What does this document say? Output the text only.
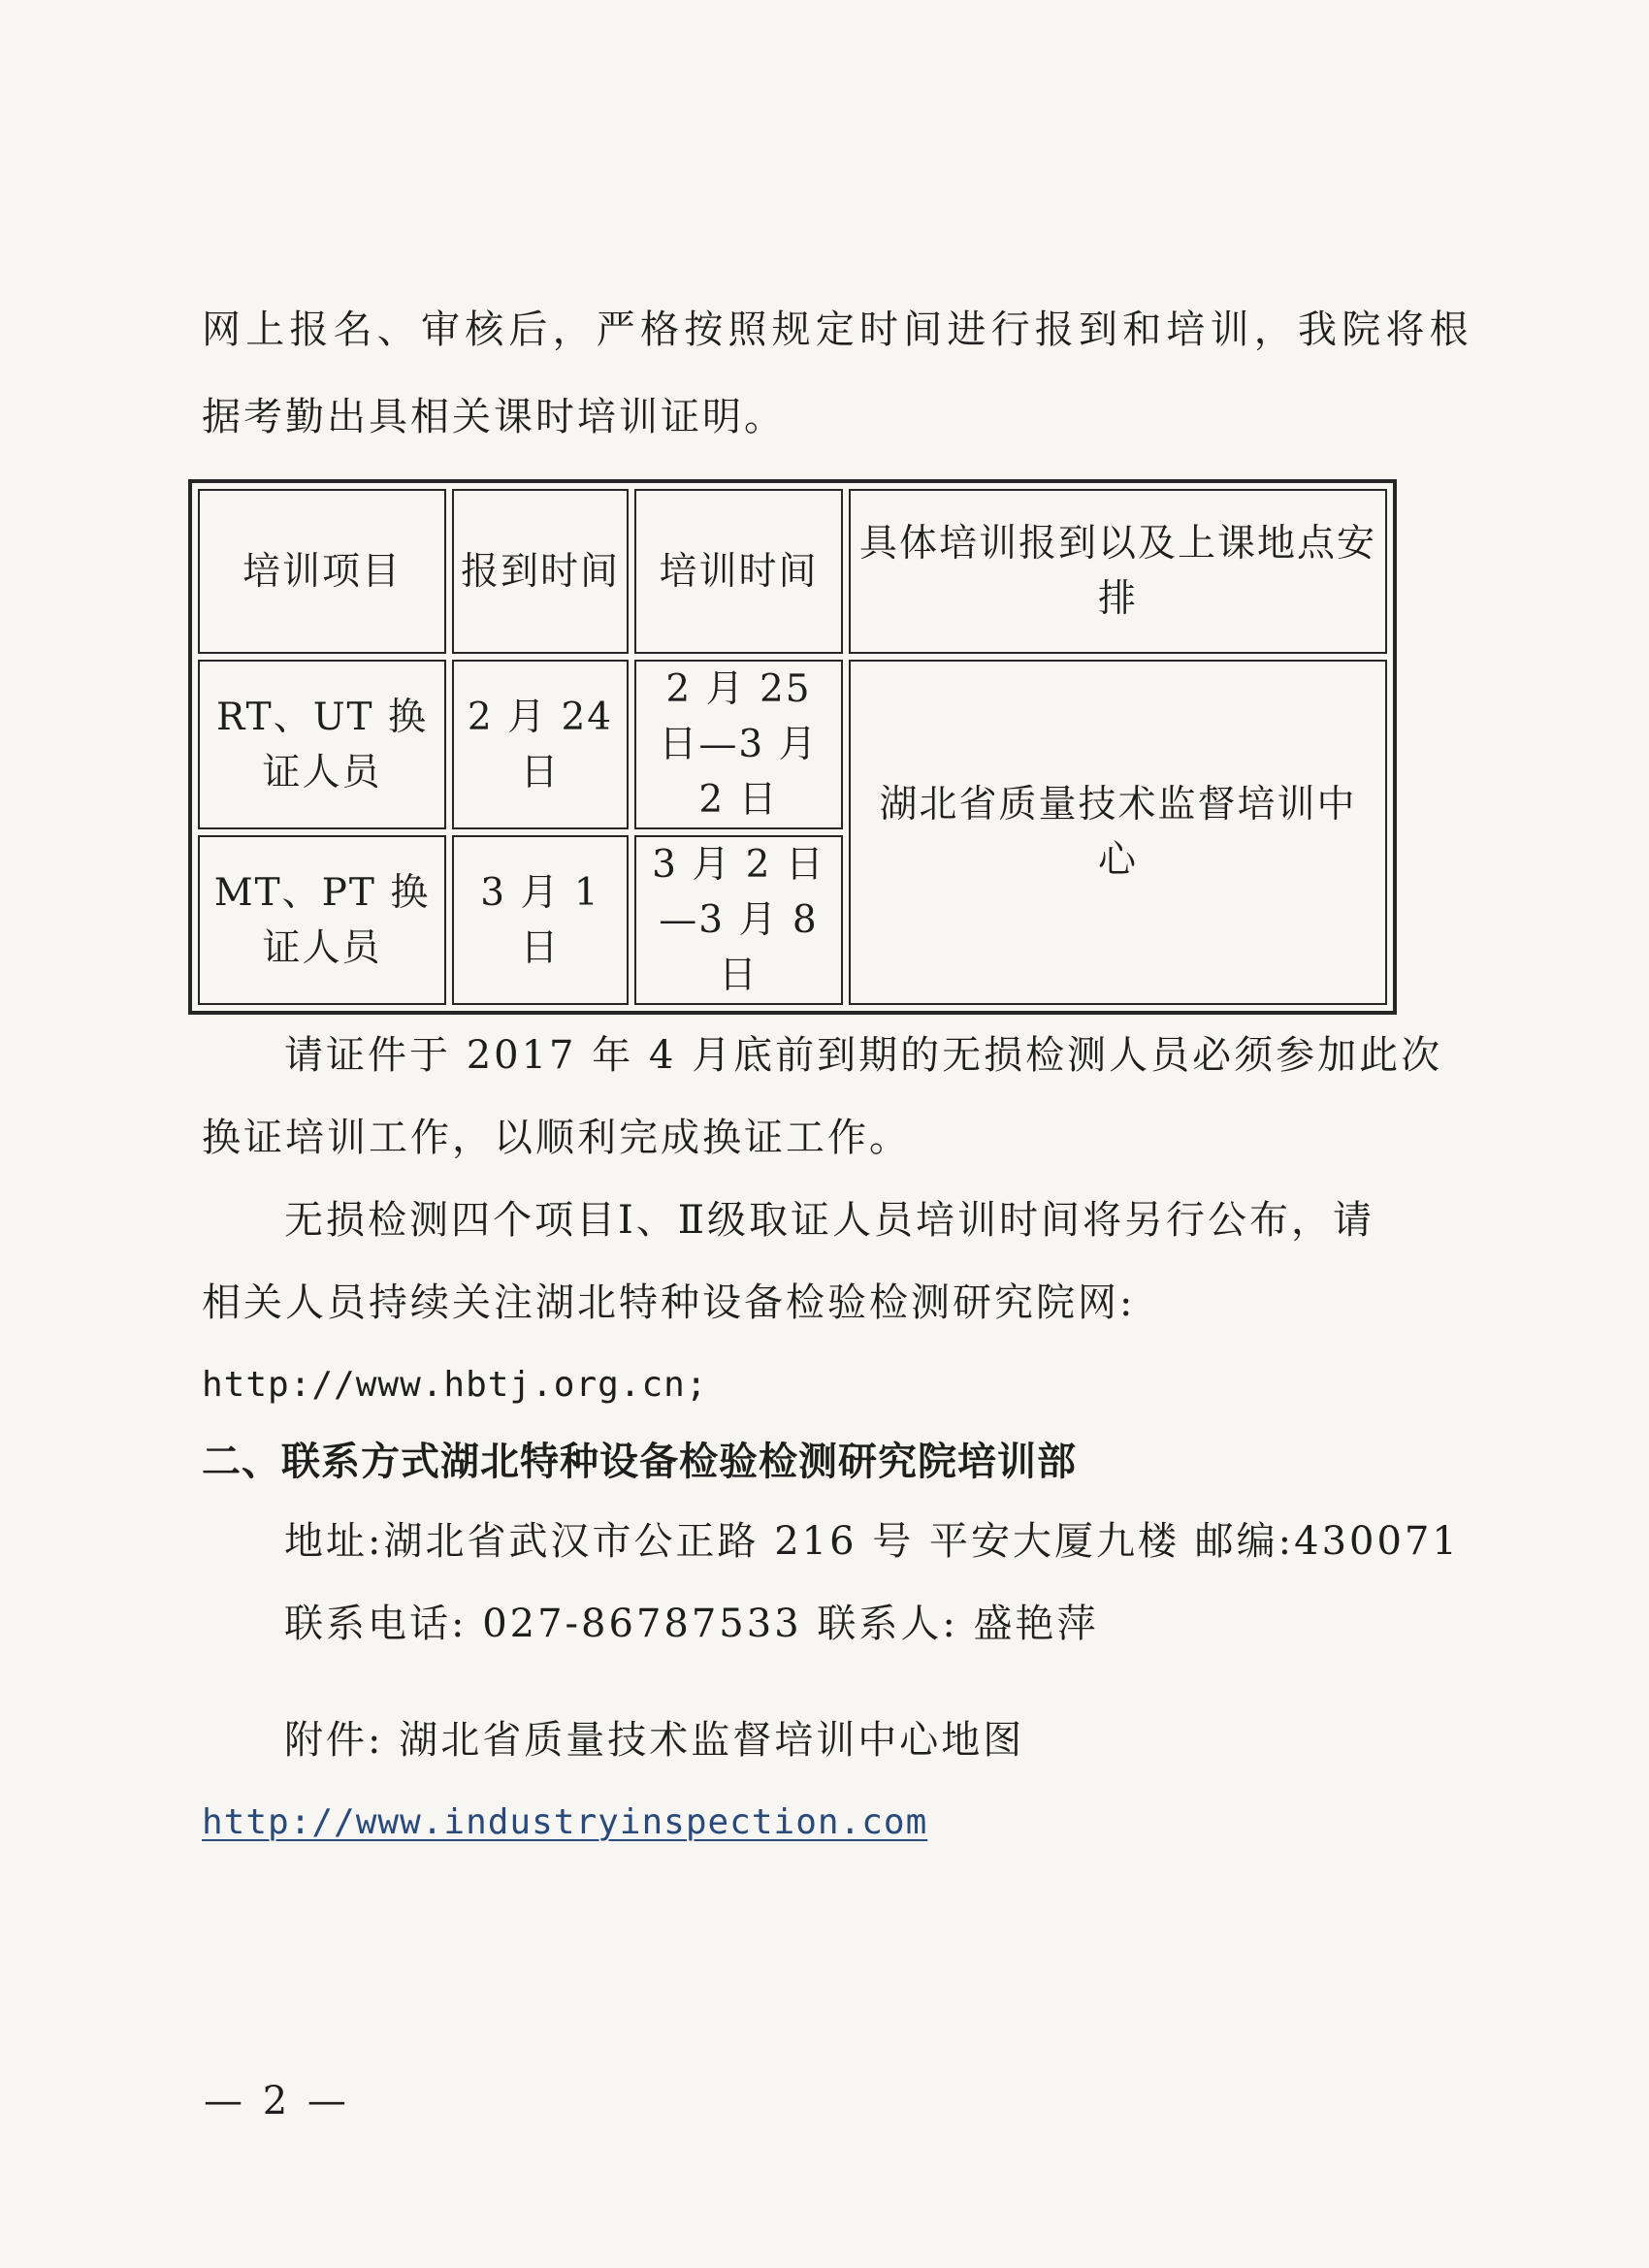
网上报名、审核后，严格按照规定时间进行报到和培训，我院将根
据考勤出具相关课时培训证明。
培训项目	报到时间	培训时间	具体培训报到以及上课地点安排
RT、UT 换证人员	2 月 24 日	2 月 25 日—3 月 2 日	湖北省质量技术监督培训中心
MT、PT 换证人员	3 月 1 日	3 月 2 日—3 月 8 日	
请证件于 2017 年 4 月底前到期的无损检测人员必须参加此次
换证培训工作，以顺利完成换证工作。
无损检测四个项目Ⅰ、Ⅱ级取证人员培训时间将另行公布，请
相关人员持续关注湖北特种设备检验检测研究院网:
http://www.hbtj.org.cn;
二、联系方式湖北特种设备检验检测研究院培训部
地址:湖北省武汉市公正路 216 号 平安大厦九楼 邮编:430071
联系电话: 027-86787533 联系人: 盛艳萍
附件: 湖北省质量技术监督培训中心地图
http://www.industryinspection.com
— 2 —
